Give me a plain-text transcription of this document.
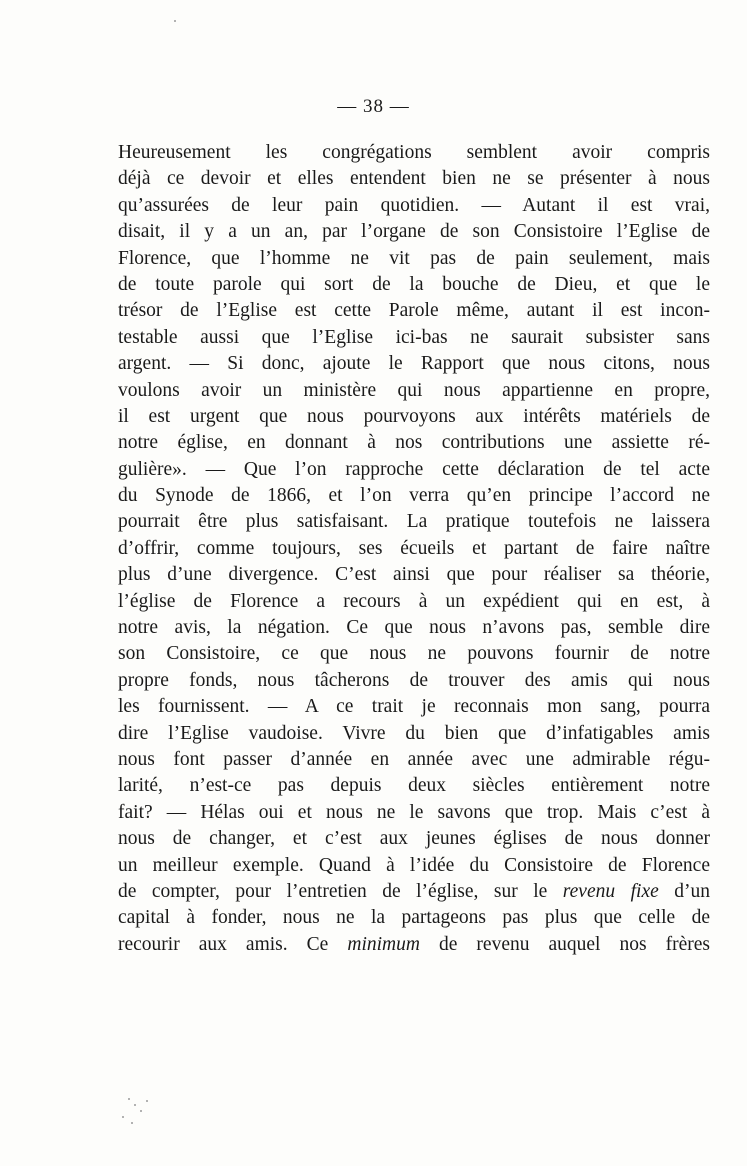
— 38 —
Heureusement les congrégations semblent avoir compris
déjà ce devoir et elles entendent bien ne se présenter à nous
qu’assurées de leur pain quotidien. — Autant il est vrai,
disait, il y a un an, par l’organe de son Consistoire l’Eglise de
Florence, que l’homme ne vit pas de pain seulement, mais
de toute parole qui sort de la bouche de Dieu, et que le
trésor de l’Eglise est cette Parole même, autant il est incon-
testable aussi que l’Eglise ici-bas ne saurait subsister sans
argent. — Si donc, ajoute le Rapport que nous citons, nous
voulons avoir un ministère qui nous appartienne en propre,
il est urgent que nous pourvoyons aux intérêts matériels de
notre église, en donnant à nos contributions une assiette ré-
gulière». — Que l’on rapproche cette déclaration de tel acte
du Synode de 1866, et l’on verra qu’en principe l’accord ne
pourrait être plus satisfaisant. La pratique toutefois ne laissera
d’offrir, comme toujours, ses écueils et partant de faire naître
plus d’une divergence. C’est ainsi que pour réaliser sa théorie,
l’église de Florence a recours à un expédient qui en est, à
notre avis, la négation. Ce que nous n’avons pas, semble dire
son Consistoire, ce que nous ne pouvons fournir de notre
propre fonds, nous tâcherons de trouver des amis qui nous
les fournissent. — A ce trait je reconnais mon sang, pourra
dire l’Eglise vaudoise. Vivre du bien que d’infatigables amis
nous font passer d’année en année avec une admirable régu-
larité, n’est-ce pas depuis deux siècles entièrement notre
fait? — Hélas oui et nous ne le savons que trop. Mais c’est à
nous de changer, et c’est aux jeunes églises de nous donner
un meilleur exemple. Quand à l’idée du Consistoire de Florence
de compter, pour l’entretien de l’église, sur le revenu fixe d’un
capital à fonder, nous ne la partageons pas plus que celle de
recourir aux amis. Ce minimum de revenu auquel nos frères
